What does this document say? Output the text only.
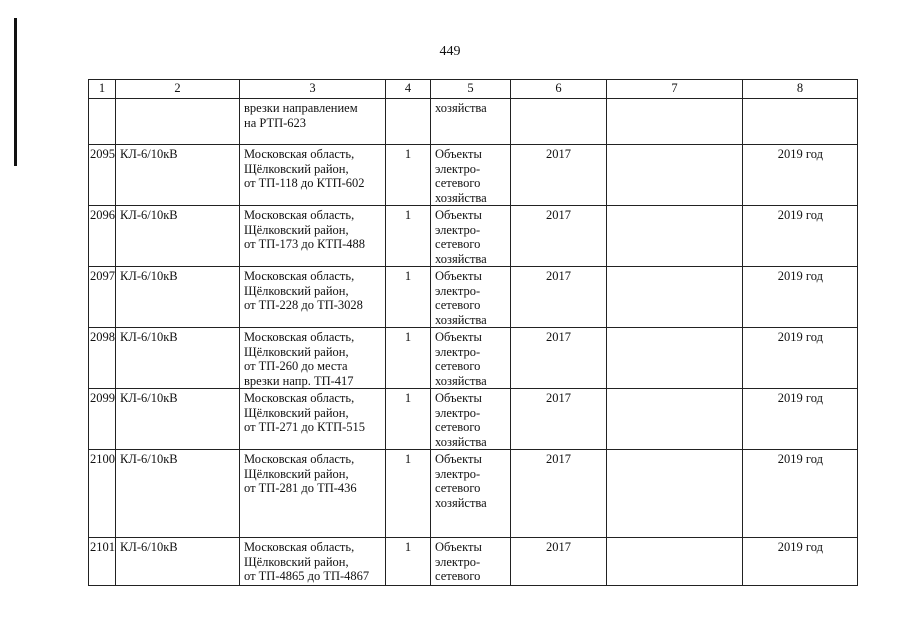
449
1	2	3	4	5	6	7	8

		врезки направлением
на РТП-623		хозяйства			

2095	КЛ-6/10кВ	Московская область,
Щёлковский район,
от ТП-118 до КТП-602	1	Объекты
электро-
сетевого
хозяйства	2017		2019 год
2096	КЛ-6/10кВ	Московская область,
Щёлковский район,
от ТП-173 до КТП-488	1	Объекты
электро-
сетевого
хозяйства	2017		2019 год
2097	КЛ-6/10кВ	Московская область,
Щёлковский район,
от ТП-228 до ТП-3028	1	Объекты
электро-
сетевого
хозяйства	2017		2019 год
2098	КЛ-6/10кВ	Московская область,
Щёлковский район,
от ТП-260 до места
врезки напр. ТП-417	1	Объекты
электро-
сетевого
хозяйства	2017		2019 год
2099	КЛ-6/10кВ	Московская область,
Щёлковский район,
от ТП-271 до КТП-515	1	Объекты
электро-
сетевого
хозяйства	2017		2019 год
2100	КЛ-6/10кВ	Московская область,
Щёлковский район,
от ТП-281 до ТП-436	1	Объекты
электро-
сетевого
хозяйства	2017		2019 год
2101	КЛ-6/10кВ	Московская область,
Щёлковский район,
от ТП-4865 до ТП-4867	1	Объекты
электро-
сетевого	2017		2019 год
